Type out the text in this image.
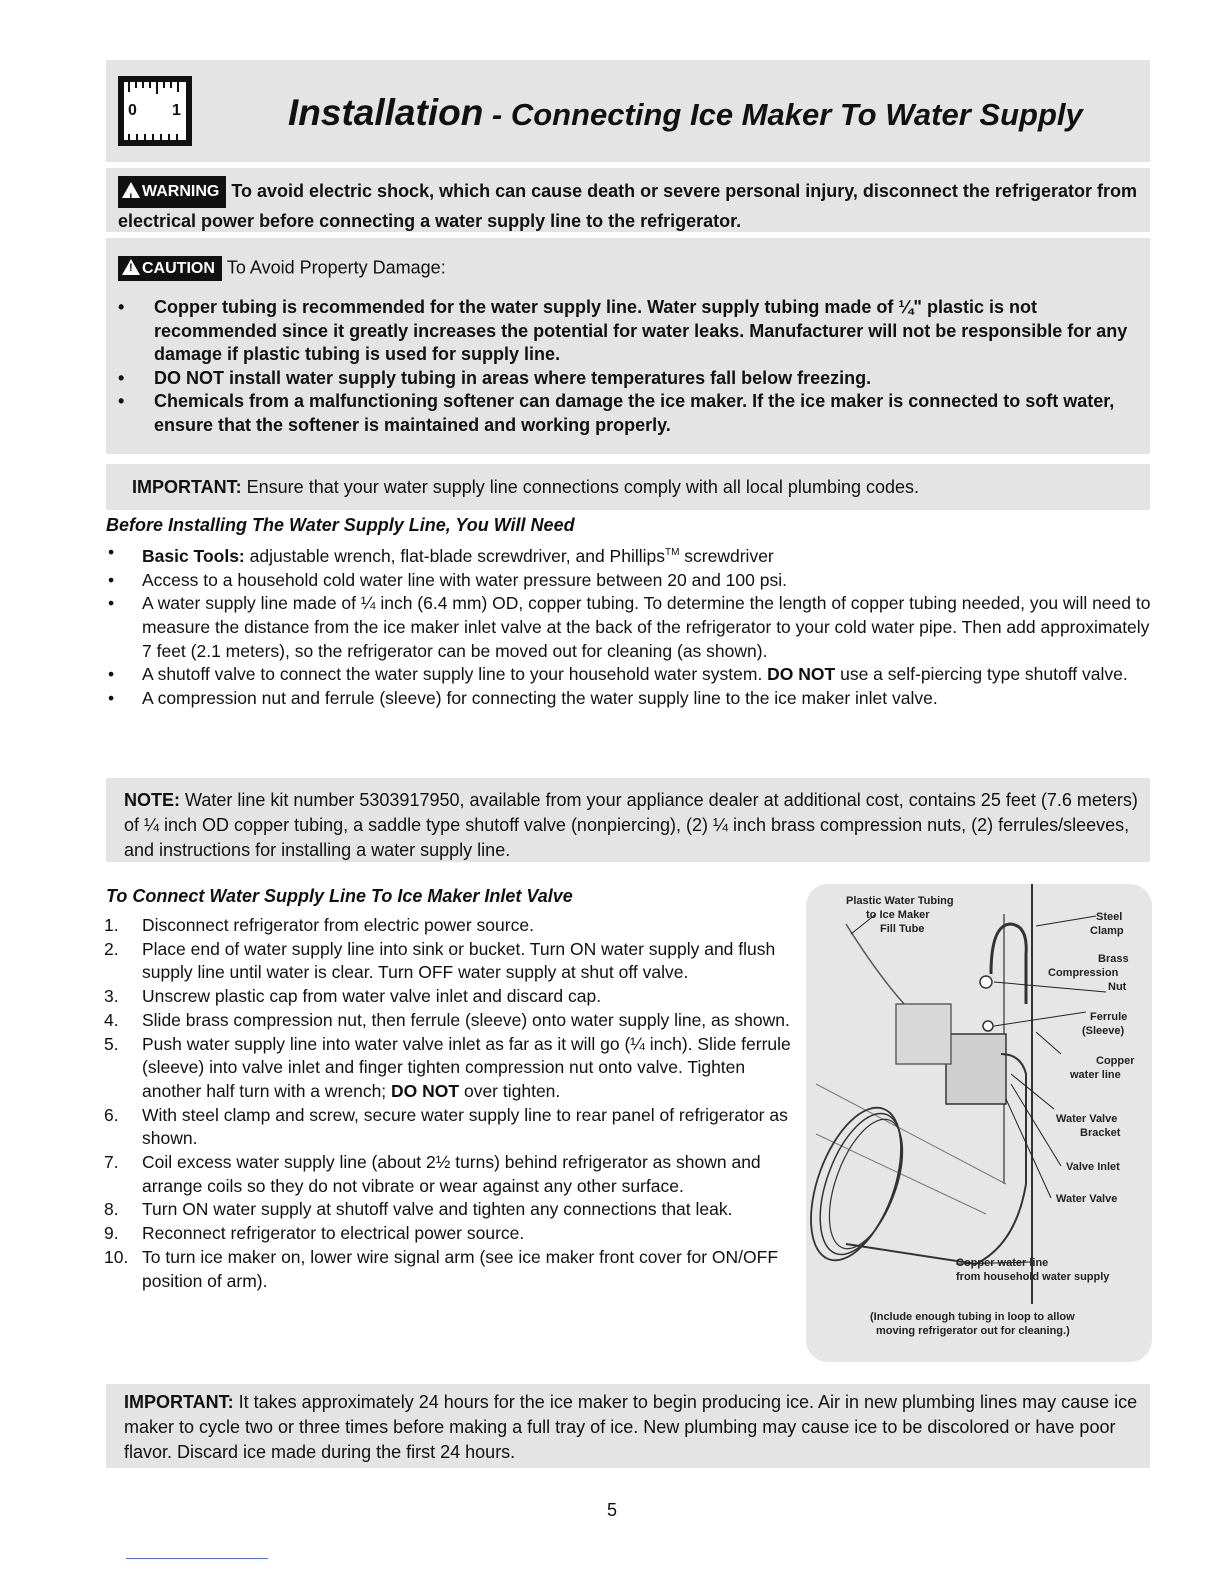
0 1	Installation - Connecting Ice Maker To Water Supply
! WARNING To avoid electric shock, which can cause death or severe personal injury, disconnect the refrigerator from electrical power before connecting a water supply line to the refrigerator.
! CAUTION To Avoid Property Damage:
• Copper tubing is recommended for the water supply line. Water supply tubing made of ¼" plastic is not recommended since it greatly increases the potential for water leaks. Manufacturer will not be responsible for any damage if plastic tubing is used for supply line.
• DO NOT install water supply tubing in areas where temperatures fall below freezing.
• Chemicals from a malfunctioning softener can damage the ice maker. If the ice maker is connected to soft water, ensure that the softener is maintained and working properly.
IMPORTANT: Ensure that your water supply line connections comply with all local plumbing codes.
Before Installing The Water Supply Line, You Will Need
• Basic Tools: adjustable wrench, flat-blade screwdriver, and Phillips™ screwdriver
• Access to a household cold water line with water pressure between 20 and 100 psi.
• A water supply line made of ¼ inch (6.4 mm) OD, copper tubing. To determine the length of copper tubing needed, you will need to measure the distance from the ice maker inlet valve at the back of the refrigerator to your cold water pipe. Then add approximately 7 feet (2.1 meters), so the refrigerator can be moved out for cleaning (as shown).
• A shutoff valve to connect the water supply line to your household water system. DO NOT use a self-piercing type shutoff valve.
• A compression nut and ferrule (sleeve) for connecting the water supply line to the ice maker inlet valve.
NOTE: Water line kit number 5303917950, available from your appliance dealer at additional cost, contains 25 feet (7.6 meters) of ¼ inch OD copper tubing, a saddle type shutoff valve (nonpiercing), (2) ¼ inch brass compression nuts, (2) ferrules/sleeves, and instructions for installing a water supply line.
To Connect Water Supply Line To Ice Maker Inlet Valve
1. Disconnect refrigerator from electric power source.
2. Place end of water supply line into sink or bucket. Turn ON water supply and flush supply line until water is clear. Turn OFF water supply at shut off valve.
3. Unscrew plastic cap from water valve inlet and discard cap.
4. Slide brass compression nut, then ferrule (sleeve) onto water supply line, as shown.
5. Push water supply line into water valve inlet as far as it will go (¼ inch). Slide ferrule (sleeve) into valve inlet and finger tighten compression nut onto valve. Tighten another half turn with a wrench; DO NOT over tighten.
6. With steel clamp and screw, secure water supply line to rear panel of refrigerator as shown.
7. Coil excess water supply line (about 2½ turns) behind refrigerator as shown and arrange coils so they do not vibrate or wear against any other surface.
8. Turn ON water supply at shutoff valve and tighten any connections that leak.
9. Reconnect refrigerator to electrical power source.
10. To turn ice maker on, lower wire signal arm (see ice maker front cover for ON/OFF position of arm).
Plastic Water Tubing
to Ice Maker
Fill Tube
Steel
Clamp
Brass
Compression
Nut
Ferrule
(Sleeve)
Copper
water line
Water Valve
Bracket
Valve Inlet
Water Valve
Copper water line
from household water supply
(Include enough tubing in loop to allow
moving refrigerator out for cleaning.)
IMPORTANT: It takes approximately 24 hours for the ice maker to begin producing ice. Air in new plumbing lines may cause ice maker to cycle two or three times before making a full tray of ice. New plumbing may cause ice to be discolored or have poor flavor. Discard ice made during the first 24 hours.
5
